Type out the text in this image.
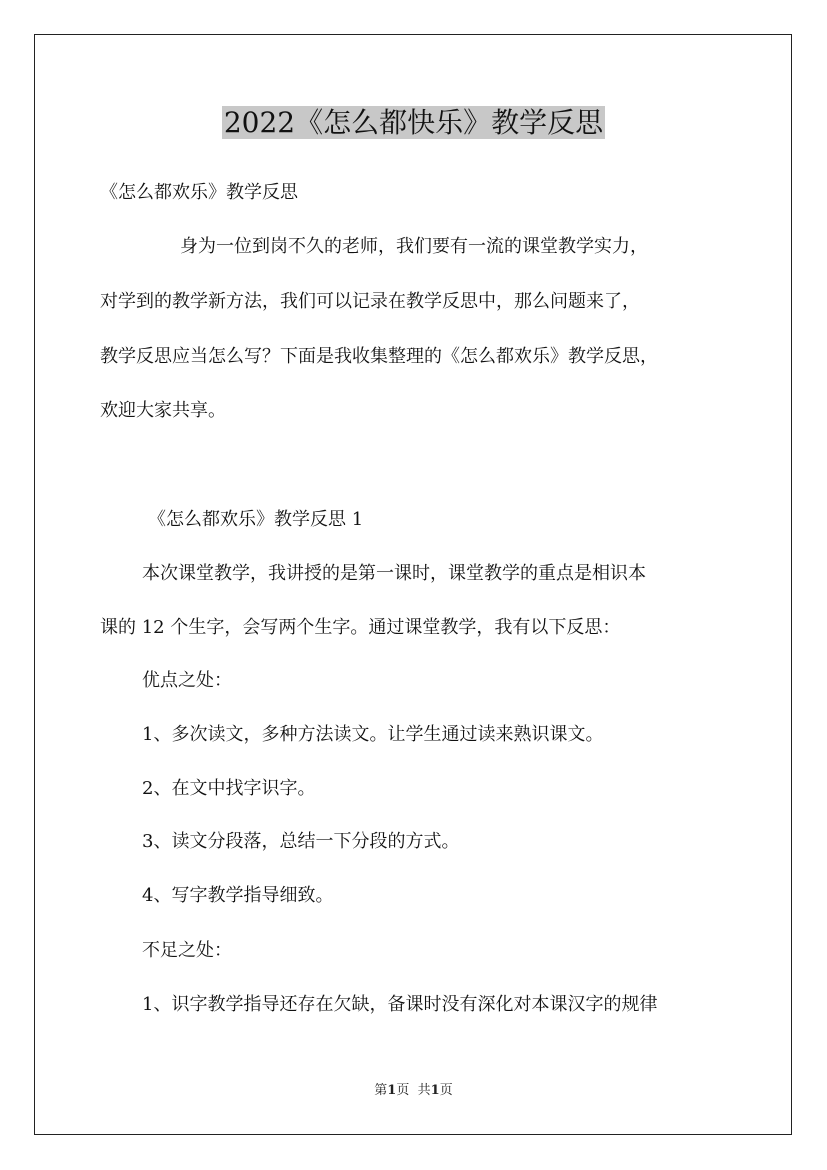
2022《怎么都快乐》教学反思
《怎么都欢乐》教学反思
身为一位到岗不久的老师，我们要有一流的课堂教学实力，
对学到的教学新方法，我们可以记录在教学反思中，那么问题来了，
教学反思应当怎么写？下面是我收集整理的《怎么都欢乐》教学反思，
欢迎大家共享。
《怎么都欢乐》教学反思 1
本次课堂教学，我讲授的是第一课时，课堂教学的重点是相识本
课的 12 个生字，会写两个生字。通过课堂教学，我有以下反思：
优点之处：
1、多次读文，多种方法读文。让学生通过读来熟识课文。
2、在文中找字识字。
3、读文分段落，总结一下分段的方式。
4、写字教学指导细致。
不足之处：
1、识字教学指导还存在欠缺，备课时没有深化对本课汉字的规律
第1页 共1页
